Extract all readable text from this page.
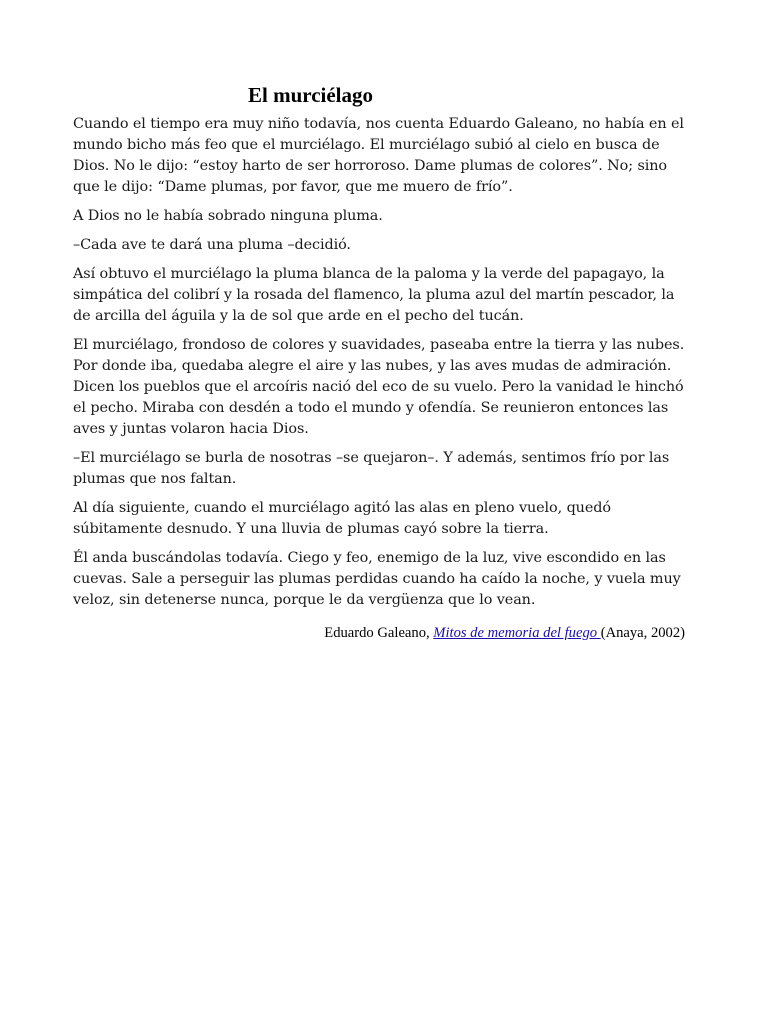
El murciélago

Cuando el tiempo era muy niño todavía, nos cuenta Eduardo Galeano, no había en el mundo bicho más feo que el murciélago. El murciélago subió al cielo en busca de Dios. No le dijo: “estoy harto de ser horroroso. Dame plumas de colores”. No; sino que le dijo: “Dame plumas, por favor, que me muero de frío”.

A Dios no le había sobrado ninguna pluma.

–Cada ave te dará una pluma –decidió.

Así obtuvo el murciélago la pluma blanca de la paloma y la verde del papagayo, la simpática del colibrí y la rosada del flamenco, la pluma azul del martín pescador, la de arcilla del águila y la de sol que arde en el pecho del tucán.

El murciélago, frondoso de colores y suavidades, paseaba entre la tierra y las nubes. Por donde iba, quedaba alegre el aire y las nubes, y las aves mudas de admiración. Dicen los pueblos que el arcoíris nació del eco de su vuelo. Pero la vanidad le hinchó el pecho. Miraba con desdén a todo el mundo y ofendía. Se reunieron entonces las aves y juntas volaron hacia Dios.

–El murciélago se burla de nosotras –se quejaron–. Y además, sentimos frío por las plumas que nos faltan.

Al día siguiente, cuando el murciélago agitó las alas en pleno vuelo, quedó súbitamente desnudo. Y una lluvia de plumas cayó sobre la tierra.

Él anda buscándolas todavía. Ciego y feo, enemigo de la luz, vive escondido en las cuevas. Sale a perseguir las plumas perdidas cuando ha caído la noche, y vuela muy veloz, sin detenerse nunca, porque le da vergüenza que lo vean.

Eduardo Galeano, Mitos de memoria del fuego (Anaya, 2002)
